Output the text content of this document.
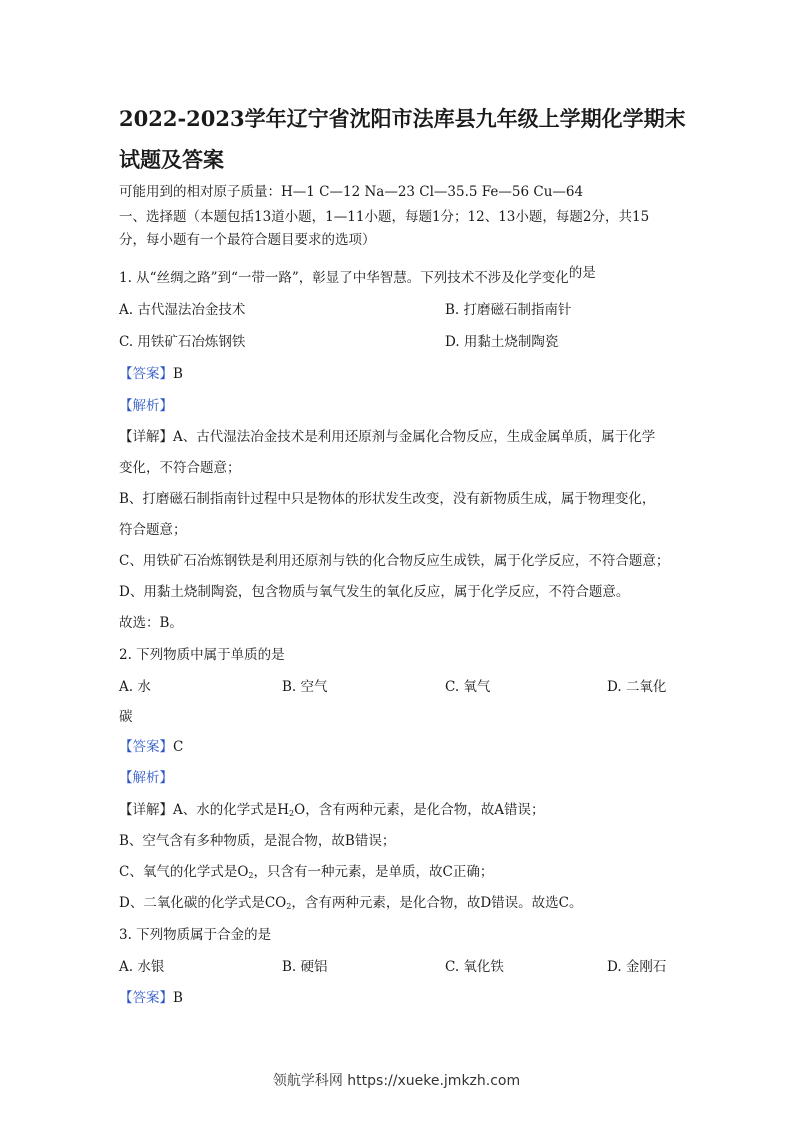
2022-2023学年辽宁省沈阳市法库县九年级上学期化学期末
试题及答案
可能用到的相对原子质量：H—1 C—12 Na—23 Cl—35.5 Fe—56 Cu—64
一、选择题（本题包括13道小题，1—11小题，每题1分；12、13小题，每题2分，共15
分，每小题有一个最符合题目要求的选项）
1. 从“丝绸之路”到“一带一路”，彰显了中华智慧。下列技术不涉及化学变化的是
A. 古代湿法冶金技术	B. 打磨磁石制指南针
C. 用铁矿石冶炼钢铁	D. 用黏土烧制陶瓷
【答案】B
【解析】
【详解】A、古代湿法冶金技术是利用还原剂与金属化合物反应，生成金属单质，属于化学
变化，不符合题意；
B、打磨磁石制指南针过程中只是物体的形状发生改变，没有新物质生成，属于物理变化，
符合题意；
C、用铁矿石冶炼钢铁是利用还原剂与铁的化合物反应生成铁，属于化学反应，不符合题意；
D、用黏土烧制陶瓷，包含物质与氧气发生的氧化反应，属于化学反应，不符合题意。
故选：B。
2. 下列物质中属于单质的是
A. 水	B. 空气	C. 氧气	D. 二氧化
碳
【答案】C
【解析】
【详解】A、水的化学式是$H_2O$，含有两种元素，是化合物，故A错误；
B、空气含有多种物质，是混合物，故B错误；
C、氧气的化学式是$O_2$，只含有一种元素，是单质，故C正确；
D、二氧化碳的化学式是$CO_2$，含有两种元素，是化合物，故D错误。故选C。
3. 下列物质属于合金的是
A. 水银	B. 硬铝	C. 氧化铁	D. 金刚石
【答案】B
领航学科网 https://xueke.jmkzh.com
